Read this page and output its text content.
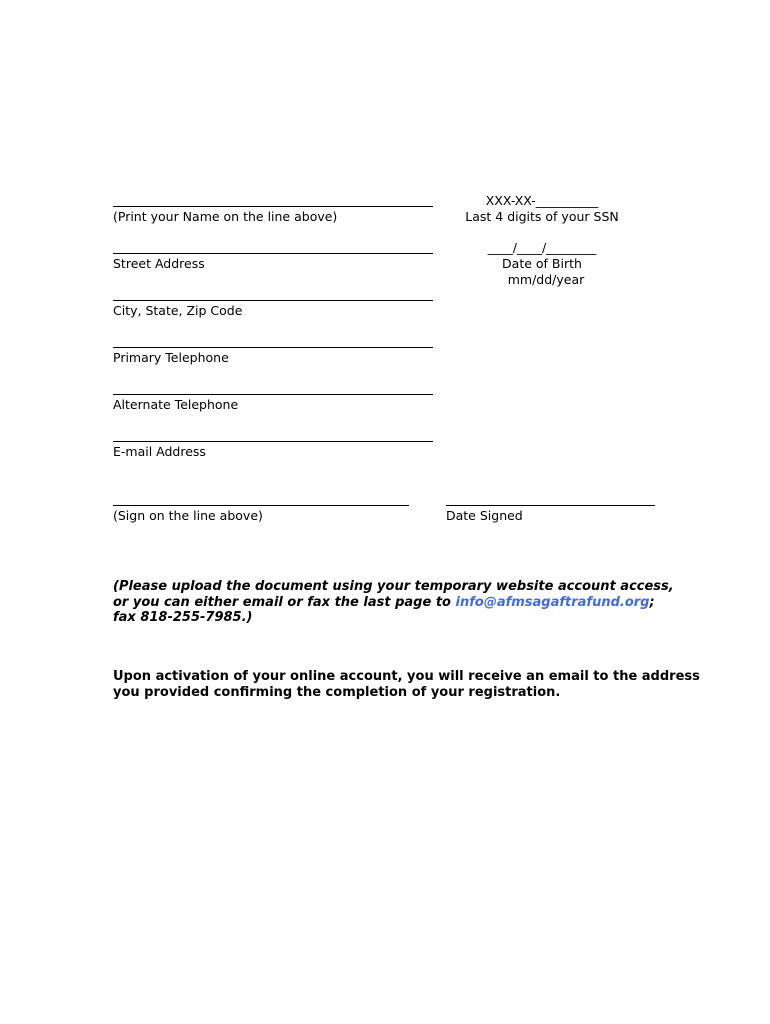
(Print your Name on the line above)
XXX-XX-__________
Last 4 digits of your SSN
Street Address
____/____/________
Date of Birth
mm/dd/year
City, State, Zip Code
Primary Telephone
Alternate Telephone
E-mail Address
(Sign on the line above)	Date Signed
(Please upload the document using your temporary website account access,
or you can either email or fax the last page to info@afmsagaftrafund.org;
fax 818-255-7985.)
Upon activation of your online account, you will receive an email to the address
you provided confirming the completion of your registration.
